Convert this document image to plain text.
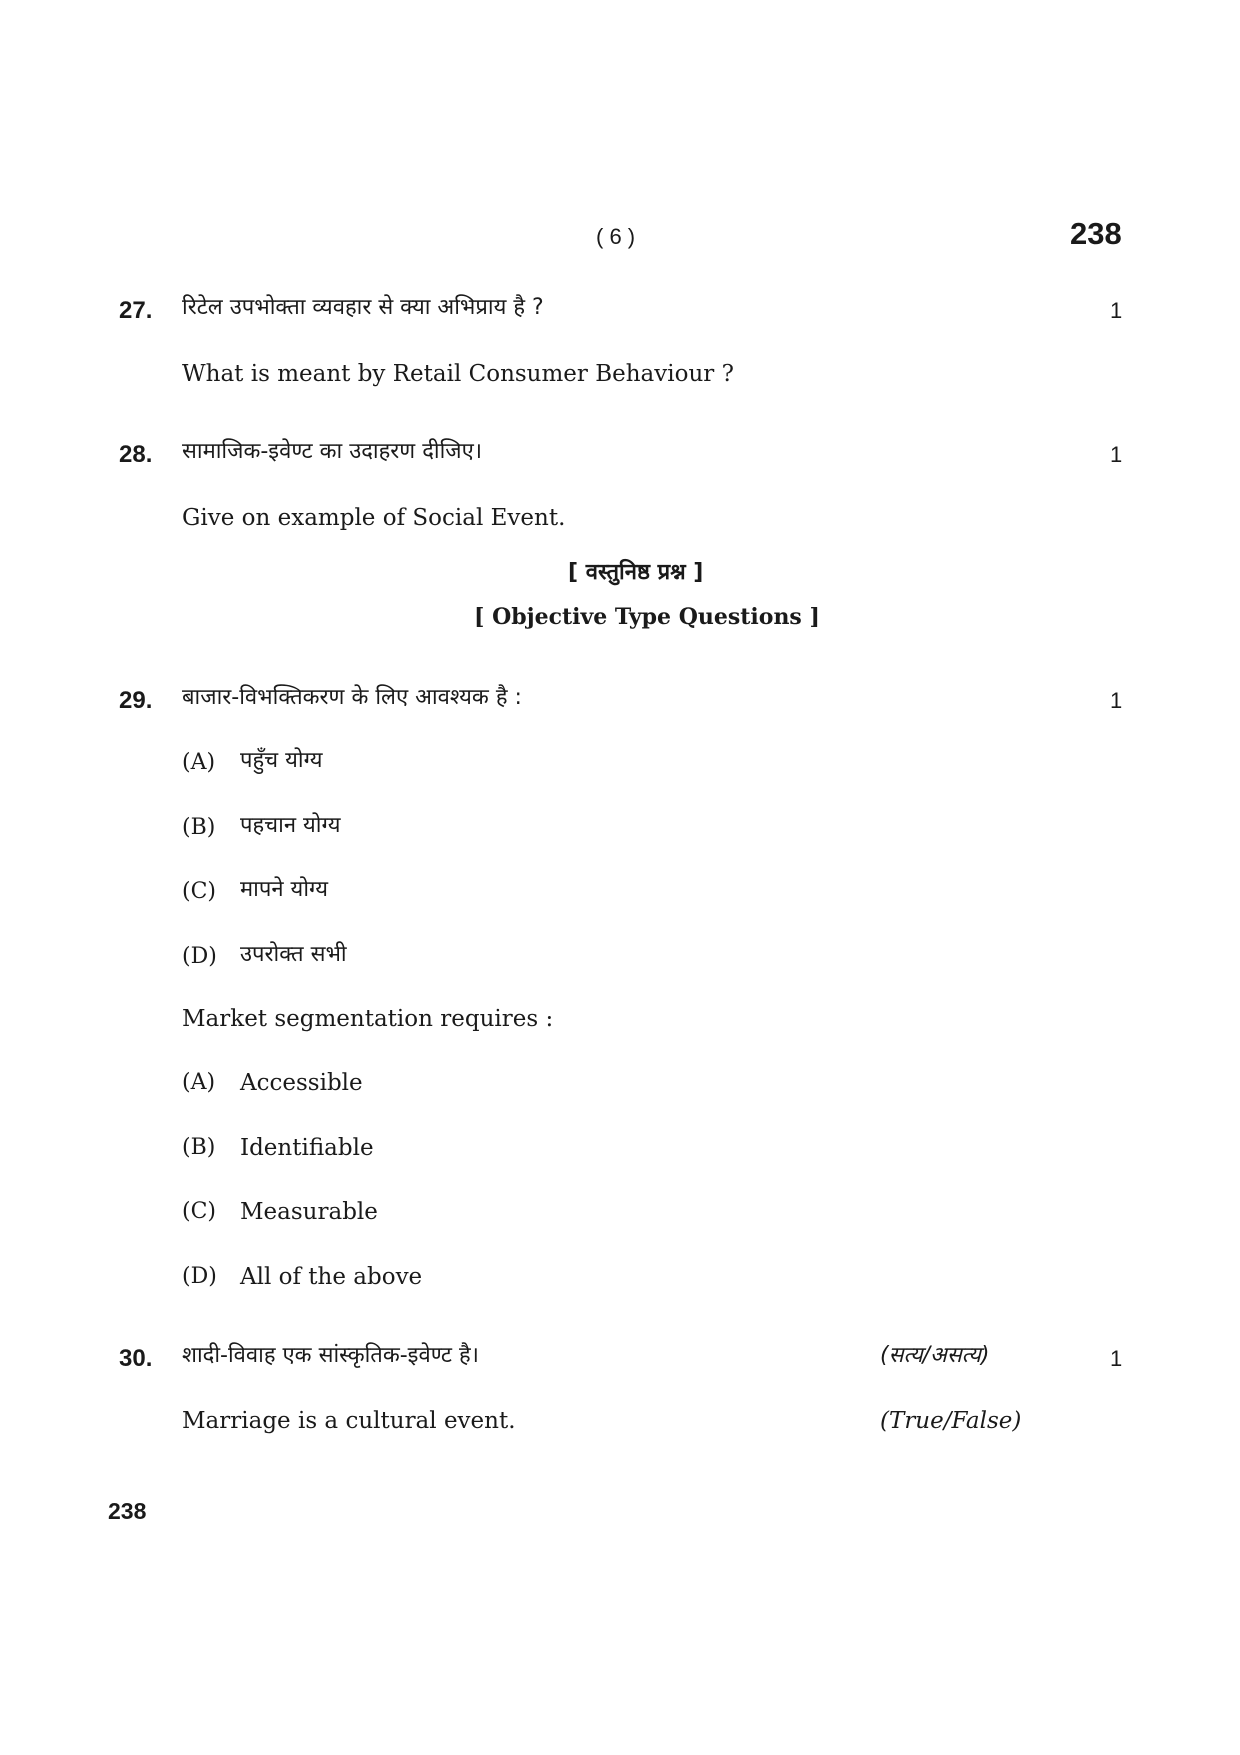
( 6 )	238
27. रिटेल उपभोक्ता व्यवहार से क्या अभिप्राय है ?	1
What is meant by Retail Consumer Behaviour ?
28. सामाजिक-इवेण्ट का उदाहरण दीजिए।	1
Give on example of Social Event.
[ वस्तुनिष्ठ प्रश्न ]
[ Objective Type Questions ]
29. बाजार-विभक्तिकरण के लिए आवश्यक है :	1
(A) पहुँच योग्य
(B) पहचान योग्य
(C) मापने योग्य
(D) उपरोक्त सभी
Market segmentation requires :
(A) Accessible
(B) Identifiable
(C) Measurable
(D) All of the above
30. शादी-विवाह एक सांस्कृतिक-इवेण्ट है।	(सत्य/असत्य)	1
Marriage is a cultural event.	(True/False)
238
